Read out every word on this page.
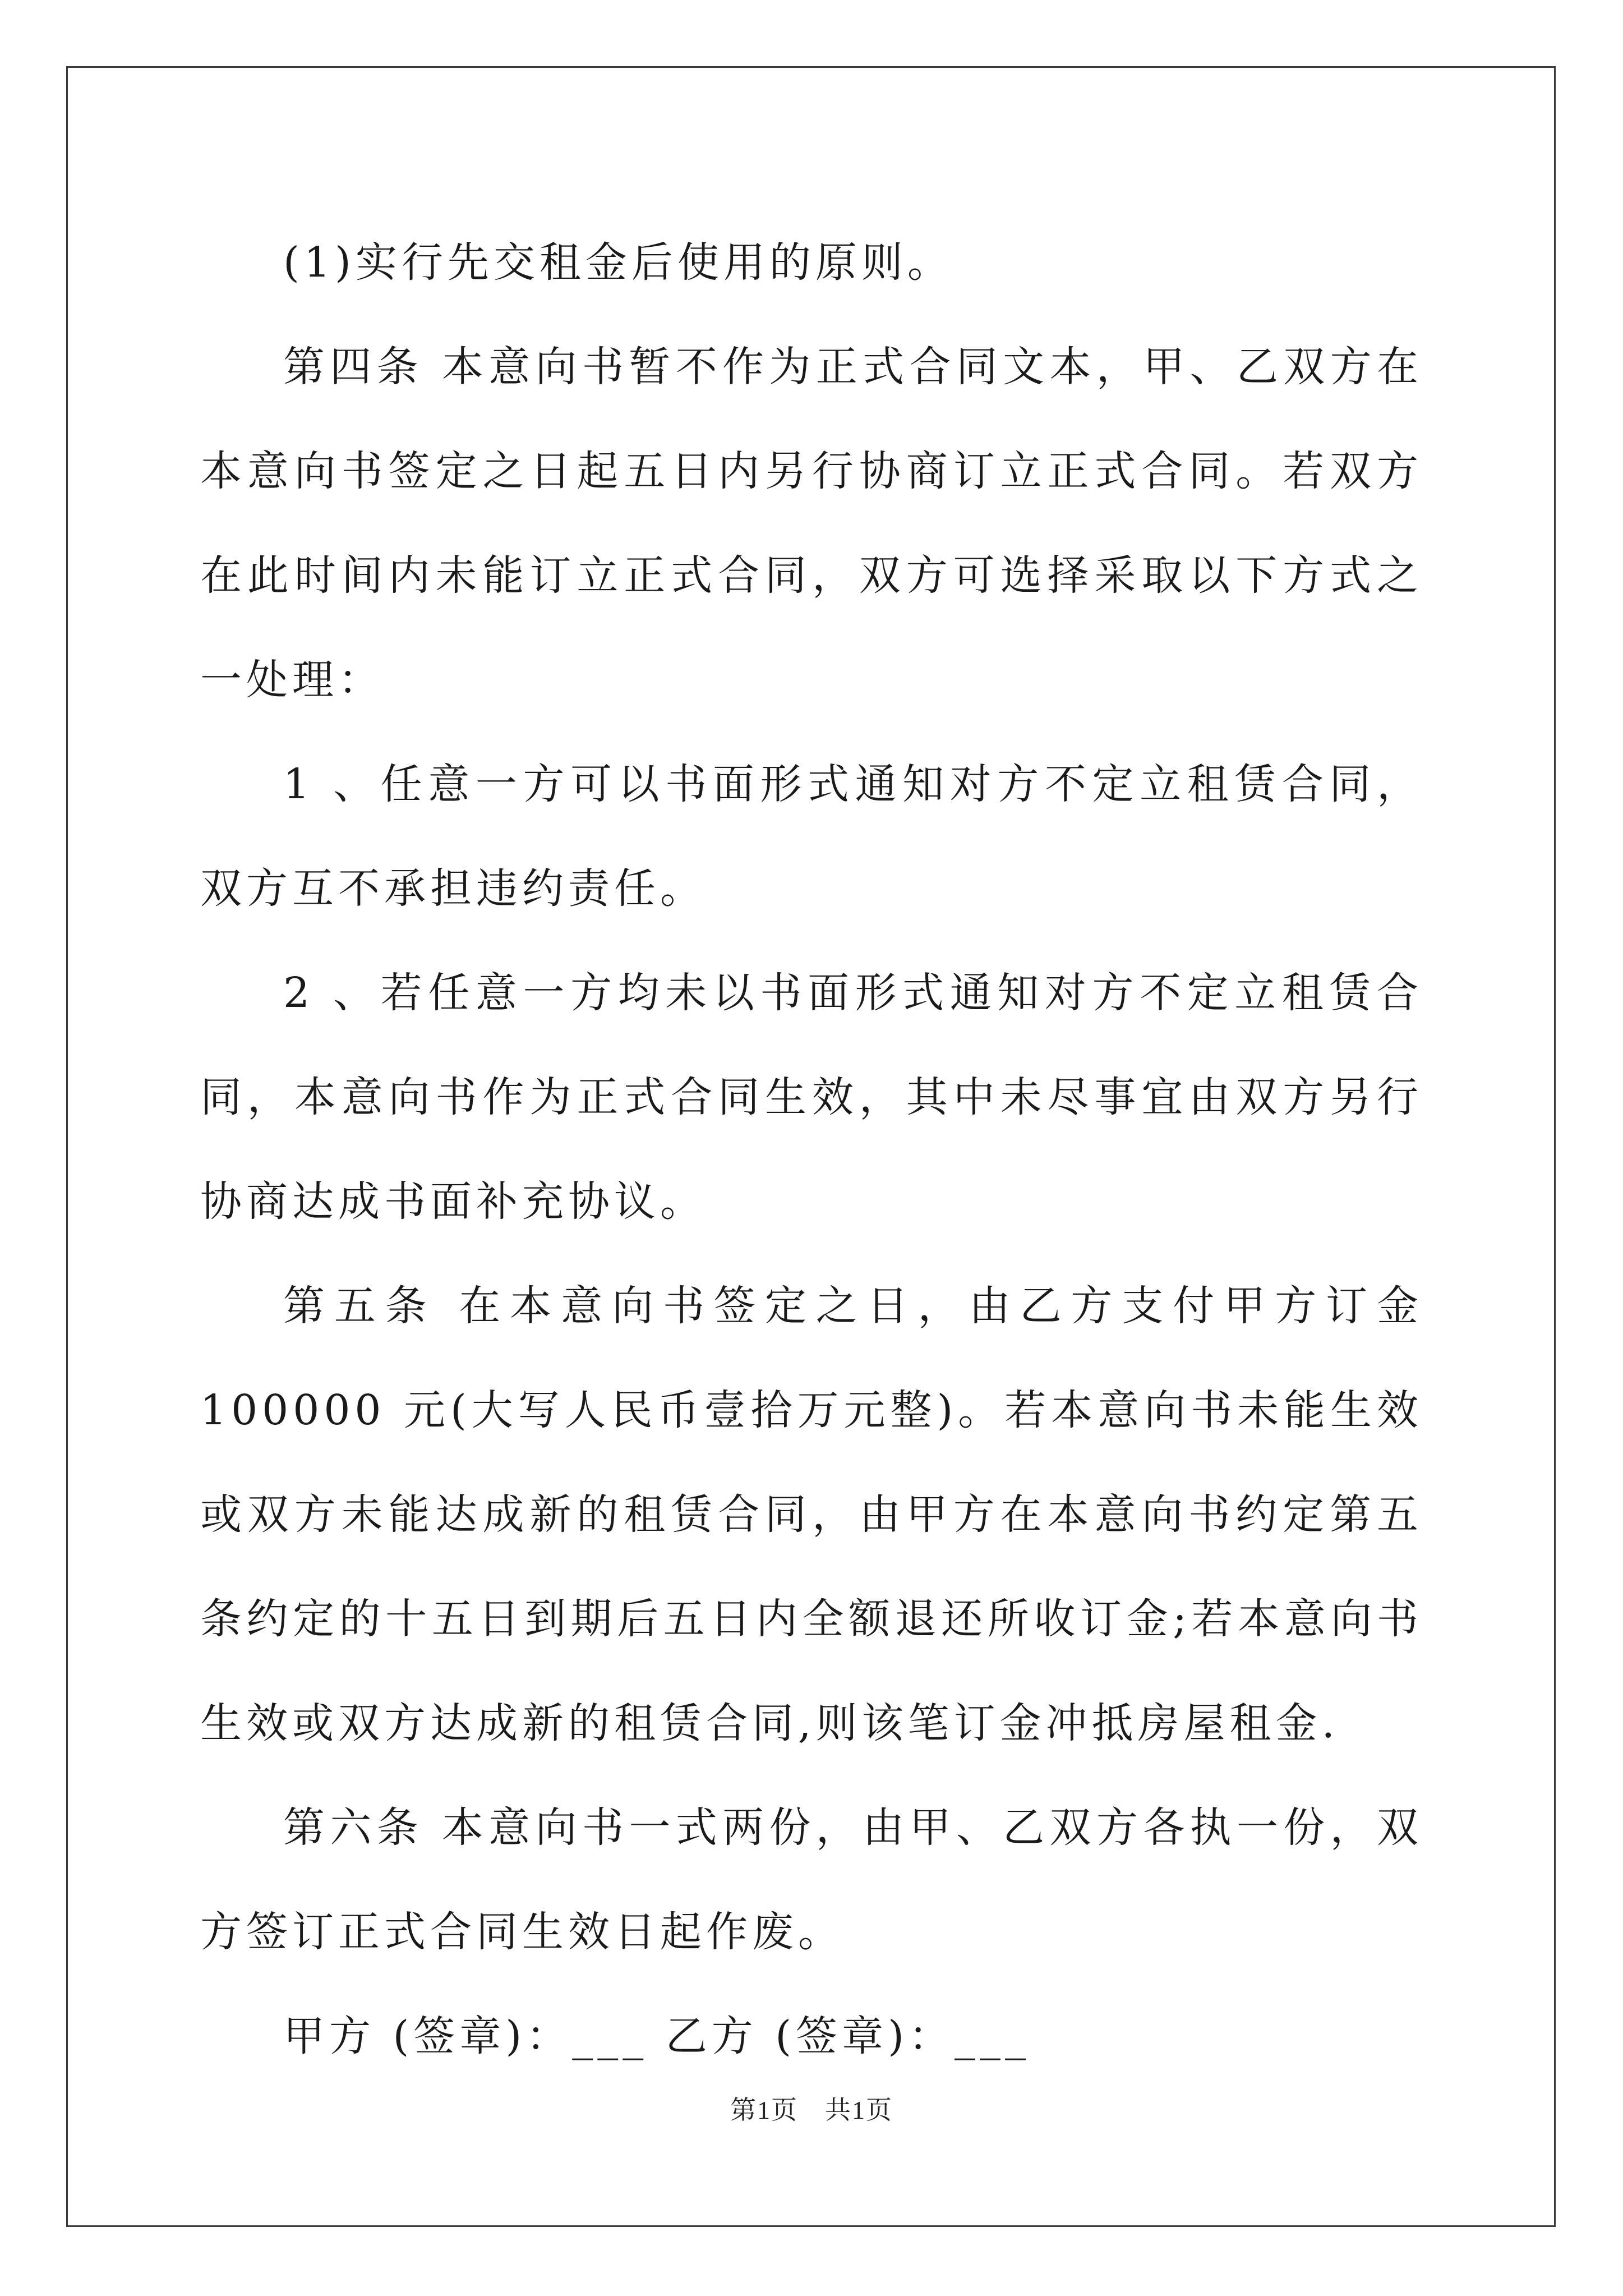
(1)实行先交租金后使用的原则。

第四条 本意向书暂不作为正式合同文本，甲、乙双方在本意向书签定之日起五日内另行协商订立正式合同。若双方在此时间内未能订立正式合同，双方可选择采取以下方式之一处理：

1 、任意一方可以书面形式通知对方不定立租赁合同，双方互不承担违约责任。

2 、若任意一方均未以书面形式通知对方不定立租赁合同，本意向书作为正式合同生效，其中未尽事宜由双方另行协商达成书面补充协议。

第五条 在本意向书签定之日，由乙方支付甲方订金 100000 元(大写人民币壹拾万元整)。若本意向书未能生效或双方未能达成新的租赁合同，由甲方在本意向书约定第五条约定的十五日到期后五日内全额退还所收订金;若本意向书生效或双方达成新的租赁合同,则该笔订金冲抵房屋租金.

第六条 本意向书一式两份，由甲、乙双方各执一份，双方签订正式合同生效日起作废。

甲方 (签章)：___ 乙方 (签章)：___

第1页　共1页
